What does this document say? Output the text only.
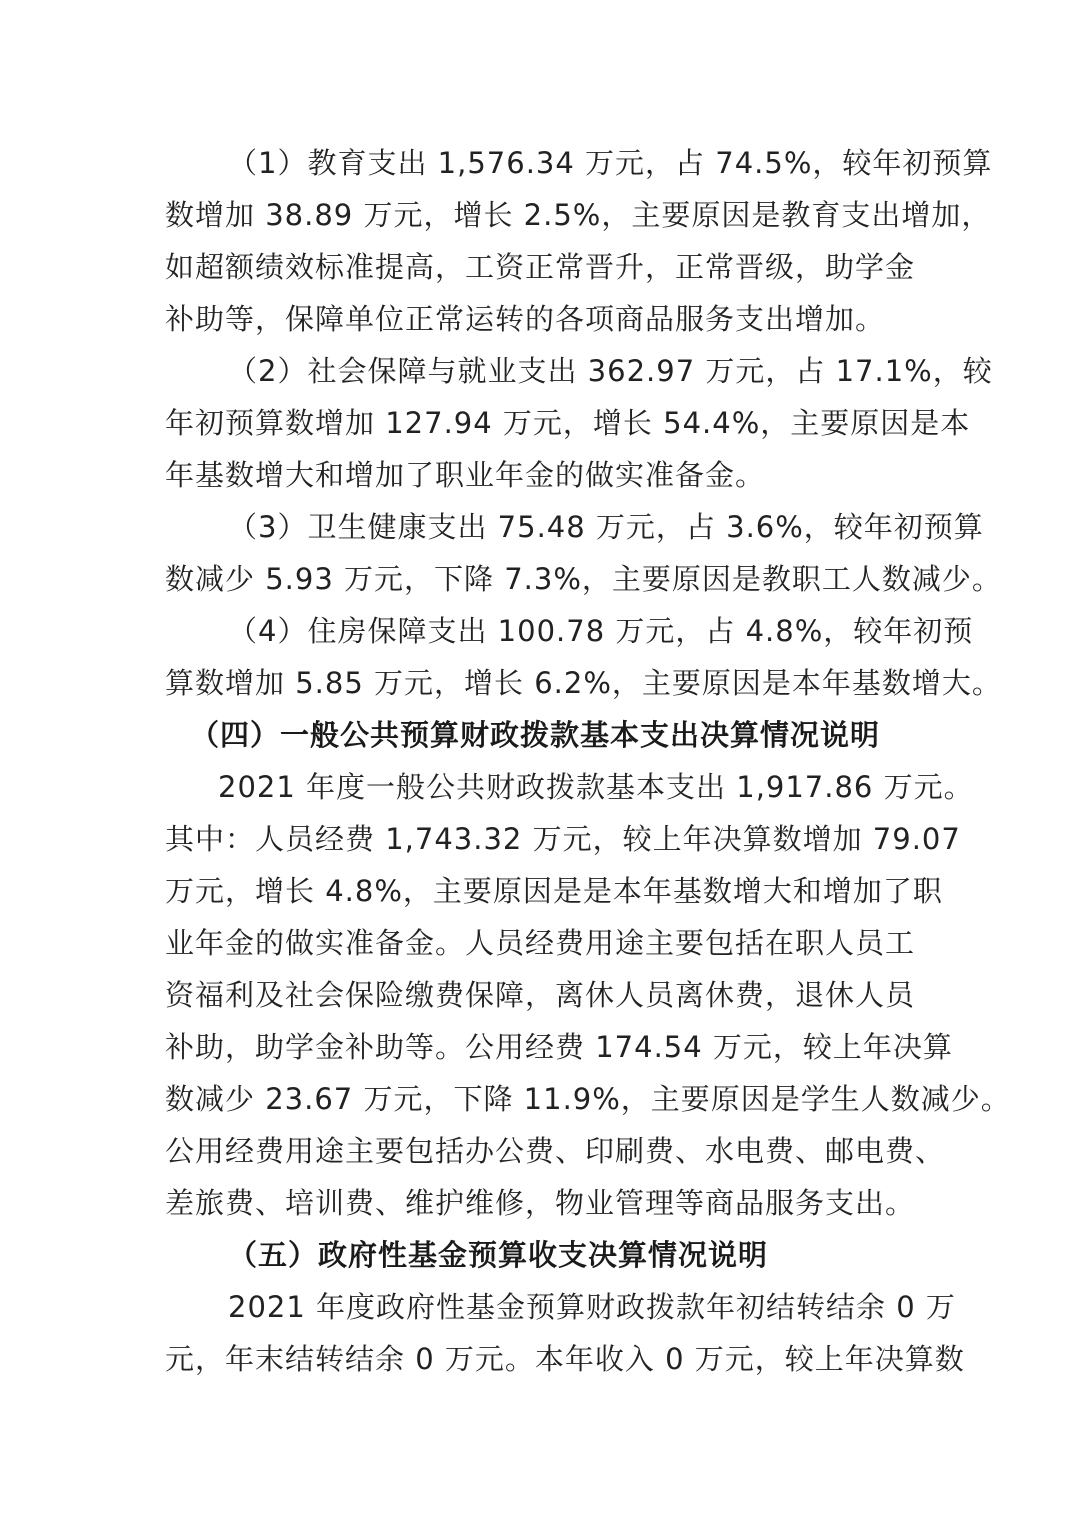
（1）教育支出 1,576.34 万元，占 74.5%，较年初预算
数增加 38.89 万元，增长 2.5%，主要原因是教育支出增加，
如超额绩效标准提高，工资正常晋升，正常晋级，助学金
补助等，保障单位正常运转的各项商品服务支出增加。
（2）社会保障与就业支出 362.97 万元，占 17.1%，较
年初预算数增加 127.94 万元，增长 54.4%，主要原因是本
年基数增大和增加了职业年金的做实准备金。
（3）卫生健康支出 75.48 万元，占 3.6%，较年初预算
数减少 5.93 万元，下降 7.3%，主要原因是教职工人数减少。
（4）住房保障支出 100.78 万元，占 4.8%，较年初预
算数增加 5.85 万元，增长 6.2%，主要原因是本年基数增大。
（四）一般公共预算财政拨款基本支出决算情况说明
2021 年度一般公共财政拨款基本支出 1,917.86 万元。
其中：人员经费 1,743.32 万元，较上年决算数增加 79.07
万元，增长 4.8%，主要原因是是本年基数增大和增加了职
业年金的做实准备金。人员经费用途主要包括在职人员工
资福利及社会保险缴费保障，离休人员离休费，退休人员
补助，助学金补助等。公用经费 174.54 万元，较上年决算
数减少 23.67 万元，下降 11.9%，主要原因是学生人数减少。
公用经费用途主要包括办公费、印刷费、水电费、邮电费、
差旅费、培训费、维护维修，物业管理等商品服务支出。
（五）政府性基金预算收支决算情况说明
2021 年度政府性基金预算财政拨款年初结转结余 0 万
元，年末结转结余 0 万元。本年收入 0 万元，较上年决算数
